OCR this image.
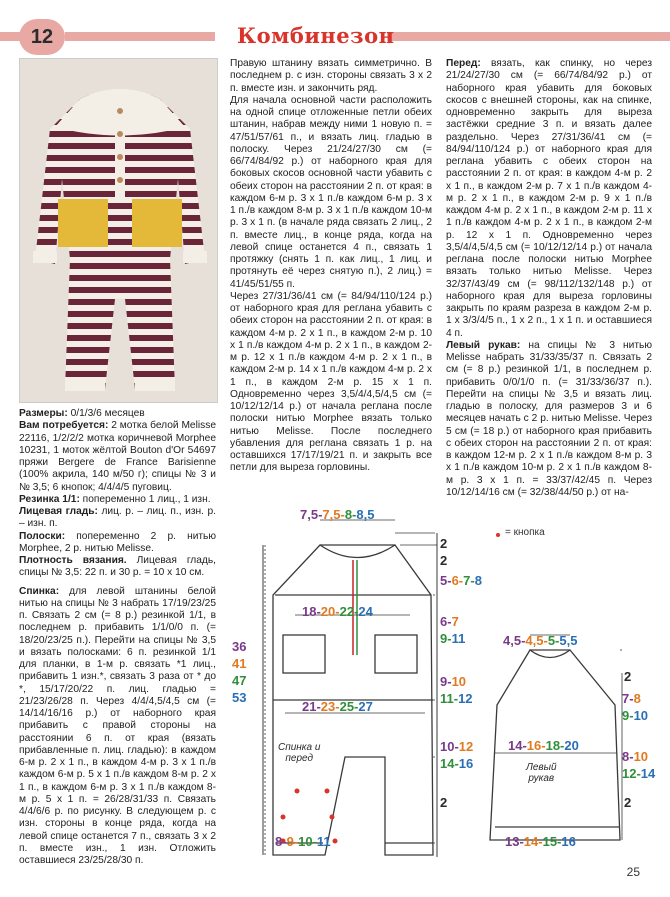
12	Комбинезон

Размеры: 0/1/3/6 месяцев

Вам потребуется: 2 мотка белой Melisse 22116, 1/2/2/2 мотка коричневой Morphee 10231, 1 моток жёлтой Bouton d'Or 54697 пряжи Bergere de France Barisienne (100% акрила, 140 м/50 г); спицы № 3 и № 3,5; 6 кнопок; 4/4/4/5 пуговиц.

Резинка 1/1: попеременно 1 лиц., 1 изн.

Лицевая гладь: лиц. р. – лиц. п., изн. р. – изн. п.

Полоски: попеременно 2 р. нитью Morphee, 2 р. нитью Melisse.

Плотность вязания. Лицевая гладь, спицы № 3,5: 22 п. и 30 р. = 10 х 10 см.

Спинка: для левой штанины белой нитью на спицы № 3 набрать 17/19/23/25 п. Связать 2 см (= 8 р.) резинкой 1/1, в последнем р. прибавить 1/1/0/0 п. (= 18/20/23/25 п.). Перейти на спицы № 3,5 и вязать полосками: 6 п. резинкой 1/1 для планки, в 1-м р. связать *1 лиц., прибавить 1 изн.*, связать 3 раза от * до *, 15/17/20/22 п. лиц. гладью = 21/23/26/28 п. Через 4/4/4,5/4,5 см (= 14/14/16/16 р.) от наборного края прибавить с правой стороны на расстоянии 6 п. от края (вязать прибавленные п. лиц. гладью): в каждом 6-м р. 2 х 1 п., в каждом 4-м р. 3 х 1 п./в каждом 6-м р. 5 х 1 п./в каждом 8-м р. 2 х 1 п., в каждом 6-м р. 3 х 1 п./в каждом 8-м р. 5 х 1 п. = 26/28/31/33 п. Связать 4/4/6/6 р. по рисунку. В следующем р. с изн. стороны в конце ряда, когда на левой спице останется 7 п., связать 3 х 2 п. вместе изн., 1 изн. Отложить оставшиеся 23/25/28/30 п.

Правую штанину вязать симметрично. В последнем р. с изн. стороны связать 3 х 2 п. вместе изн. и закончить ряд.

Для начала основной части расположить на одной спице отложенные петли обеих штанин, набрав между ними 1 новую п. = 47/51/57/61 п., и вязать лиц. гладью в полоску. Через 21/24/27/30 см (= 66/74/84/92 р.) от наборного края для боковых скосов основной части убавить с обеих сторон на расстоянии 2 п. от края: в каждом 6-м р. 3 х 1 п./в каждом 6-м р. 3 х 1 п./в каждом 8-м р. 3 х 1 п./в каждом 10-м р. 3 х 1 п. (в начале ряда связать 2 лиц., 2 п. вместе лиц., в конце ряда, когда на левой спице останется 4 п., связать 1 протяжку (снять 1 п. как лиц., 1 лиц. и протянуть её через снятую п.), 2 лиц.) = 41/45/51/55 п.

Через 27/31/36/41 см (= 84/94/110/124 р.) от наборного края для реглана убавить с обеих сторон на расстоянии 2 п. от края: в каждом 4-м р. 2 х 1 п., в каждом 2-м р. 10 х 1 п./в каждом 4-м р. 2 х 1 п., в каждом 2-м р. 12 х 1 п./в каждом 4-м р. 2 х 1 п., в каждом 2-м р. 14 х 1 п./в каждом 4-м р. 2 х 1 п., в каждом 2-м р. 15 х 1 п. Одновременно через 3,5/4/4,5/4,5 см (= 10/12/12/14 р.) от начала реглана после полоски нитью Morphee вязать только нитью Melisse. После последнего убавления для реглана связать 1 р. на оставшихся 17/17/19/21 п. и закрыть все петли для выреза горловины.

Перед: вязать, как спинку, но через 21/24/27/30 см (= 66/74/84/92 р.) от наборного края убавить для боковых скосов с внешней стороны, как на спинке, одновременно закрыть для выреза застёжки средние 3 п. и вязать далее раздельно. Через 27/31/36/41 см (= 84/94/110/124 р.) от наборного края для реглана убавить с обеих сторон на расстоянии 2 п. от края: в каждом 4-м р. 2 х 1 п., в каждом 2-м р. 7 х 1 п./в каждом 4-м р. 2 х 1 п., в каждом 2-м р. 9 х 1 п./в каждом 4-м р. 2 х 1 п., в каждом 2-м р. 11 х 1 п./в каждом 4-м р. 2 х 1 п., в каждом 2-м р. 12 х 1 п. Одновременно через 3,5/4/4,5/4,5 см (= 10/12/12/14 р.) от начала реглана после полоски нитью Morphee вязать только нитью Melisse. Через 32/37/43/49 см (= 98/112/132/148 р.) от наборного края для выреза горловины закрыть по краям разреза в каждом 2-м р. 1 х 3/3/4/5 п., 1 х 2 п., 1 х 1 п. и оставшиеся 4 п.

Левый рукав: на спицы № 3 нитью Melisse набрать 31/33/35/37 п. Связать 2 см (= 8 р.) резинкой 1/1, в последнем р. прибавить 0/0/1/0 п. (= 31/33/36/37 п.). Перейти на спицы № 3,5 и вязать лиц. гладью в полоску, для размеров 3 и 6 месяцев начать с 2 р. нитью Melisse. Через 5 см (= 18 р.) от наборного края прибавить с обеих сторон на расстоянии 2 п. от края: в каждом 12-м р. 2 х 1 п./в каждом 8-м р. 3 х 1 п./в каждом 10-м р. 2 х 1 п./в каждом 8-м р. 3 х 1 п. = 33/37/42/45 п. Через 10/12/14/16 см (= 32/38/44/50 р.) от на-

= кнопка
7,5-7,5-8-8,5
18-20-22-24
21-23-25-27
Спинка и
перед
8-9-10-11
36
41
47
53
2
2
5-6-7-8
6-7
9-11
9-10
11-12
10-12
14-16
2
4,5-4,5-5-5,5
14-16-18-20
Левый
рукав
13-14-15-16
2
7-8
9-10
8-10
12-14
2
25
